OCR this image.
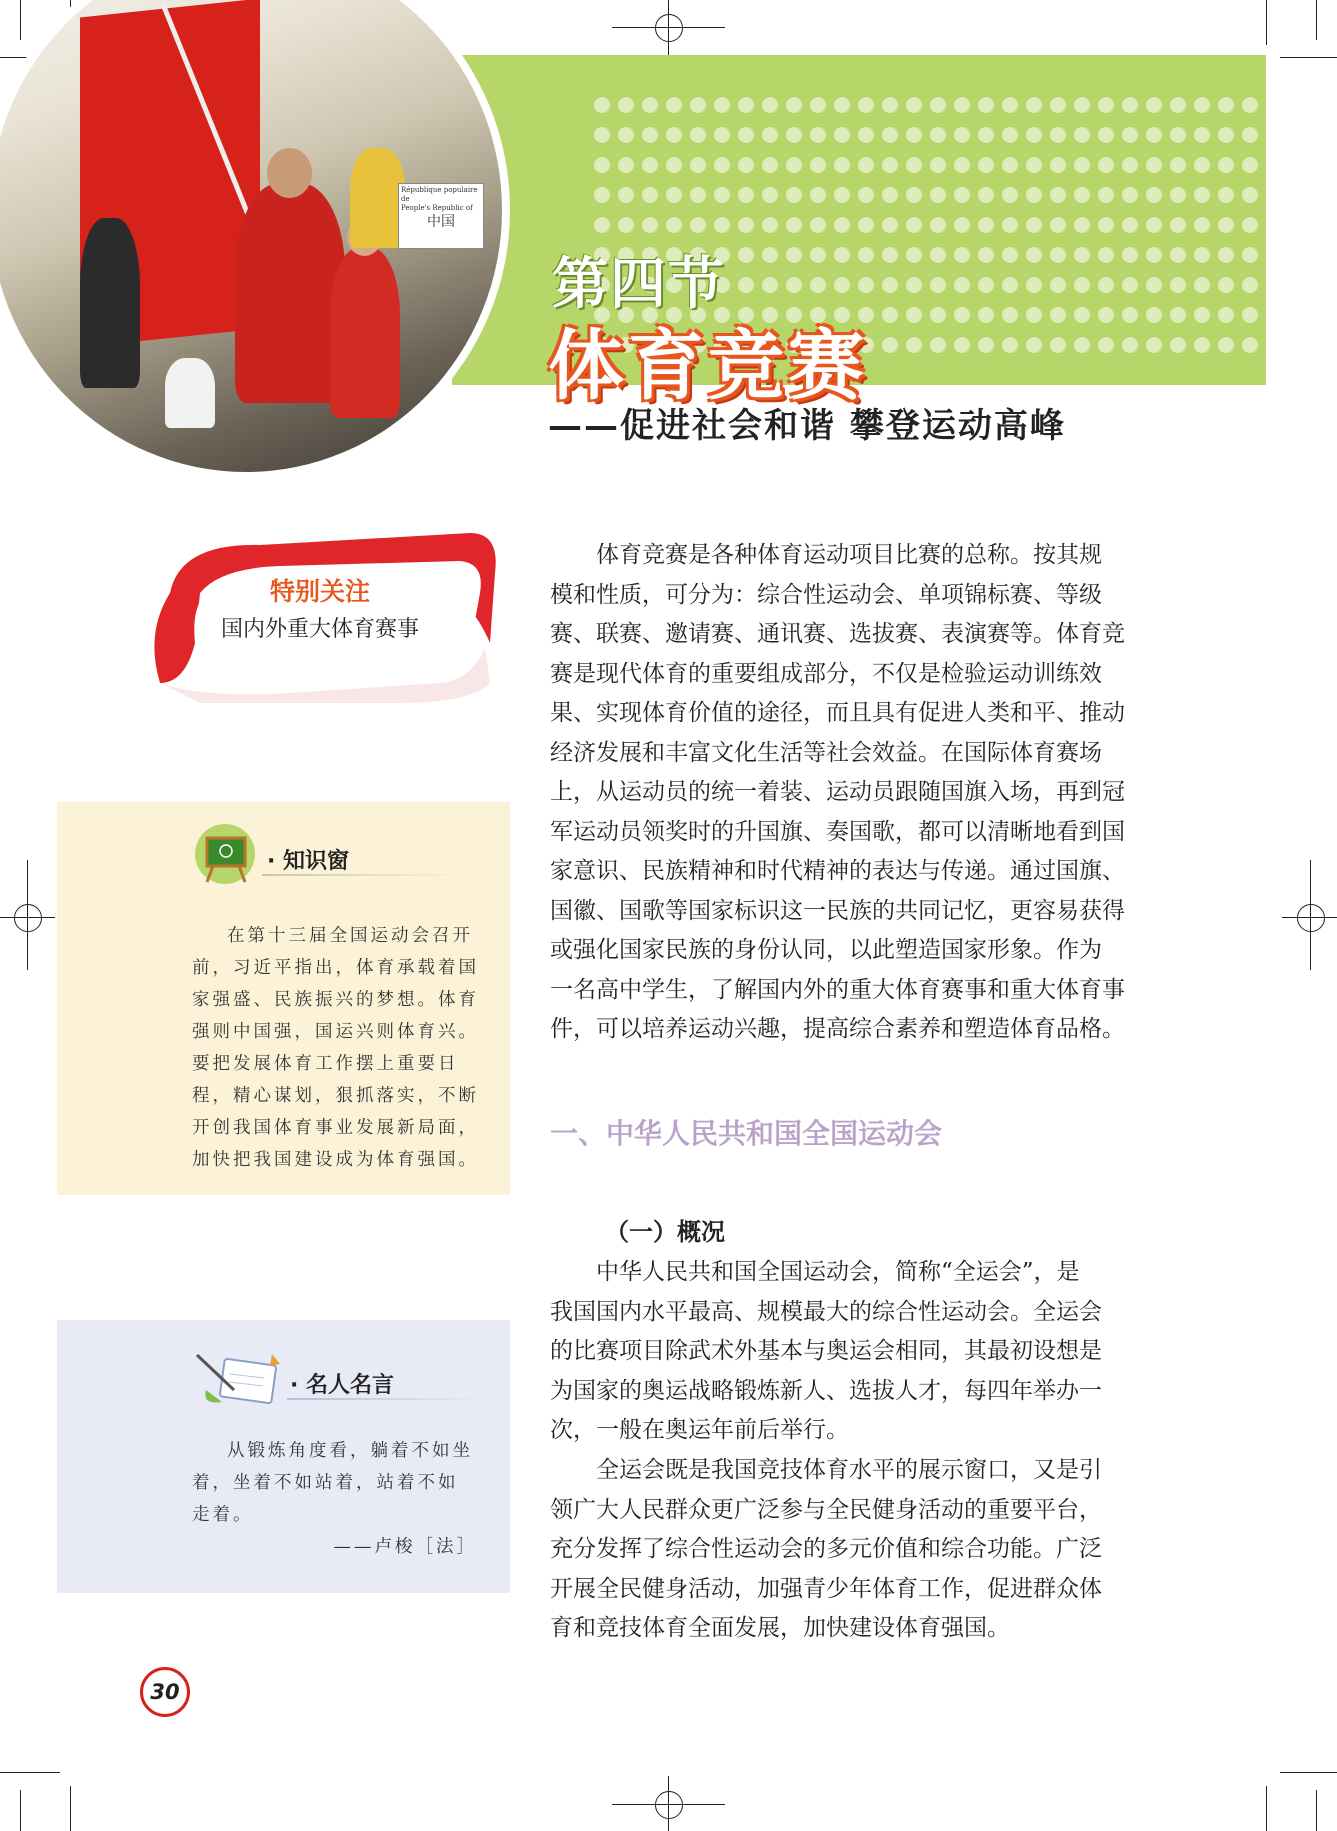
République populaire de
People's Republic of
中国
第四节
体育竞赛
——促进社会和谐 攀登运动高峰
特别关注
国内外重大体育赛事
· 知识窗
在第十三届全国运动会召开
前，习近平指出，体育承载着国
家强盛、民族振兴的梦想。体育
强则中国强，国运兴则体育兴。
要把发展体育工作摆上重要日
程，精心谋划，狠抓落实，不断
开创我国体育事业发展新局面，
加快把我国建设成为体育强国。
· 名人名言
从锻炼角度看，躺着不如坐
着，坐着不如站着，站着不如
走着。
——卢梭［法］
体育竞赛是各种体育运动项目比赛的总称。按其规
模和性质，可分为：综合性运动会、单项锦标赛、等级
赛、联赛、邀请赛、通讯赛、选拔赛、表演赛等。体育竞
赛是现代体育的重要组成部分，不仅是检验运动训练效
果、实现体育价值的途径，而且具有促进人类和平、推动
经济发展和丰富文化生活等社会效益。在国际体育赛场
上，从运动员的统一着装、运动员跟随国旗入场，再到冠
军运动员领奖时的升国旗、奏国歌，都可以清晰地看到国
家意识、民族精神和时代精神的表达与传递。通过国旗、
国徽、国歌等国家标识这一民族的共同记忆，更容易获得
或强化国家民族的身份认同，以此塑造国家形象。作为
一名高中学生，了解国内外的重大体育赛事和重大体育事
件，可以培养运动兴趣，提高综合素养和塑造体育品格。
一、中华人民共和国全国运动会
（一）概况
中华人民共和国全国运动会，简称“全运会”，是
我国国内水平最高、规模最大的综合性运动会。全运会
的比赛项目除武术外基本与奥运会相同，其最初设想是
为国家的奥运战略锻炼新人、选拔人才，每四年举办一
次，一般在奥运年前后举行。
全运会既是我国竞技体育水平的展示窗口，又是引
领广大人民群众更广泛参与全民健身活动的重要平台，
充分发挥了综合性运动会的多元价值和综合功能。广泛
开展全民健身活动，加强青少年体育工作，促进群众体
育和竞技体育全面发展，加快建设体育强国。
30
